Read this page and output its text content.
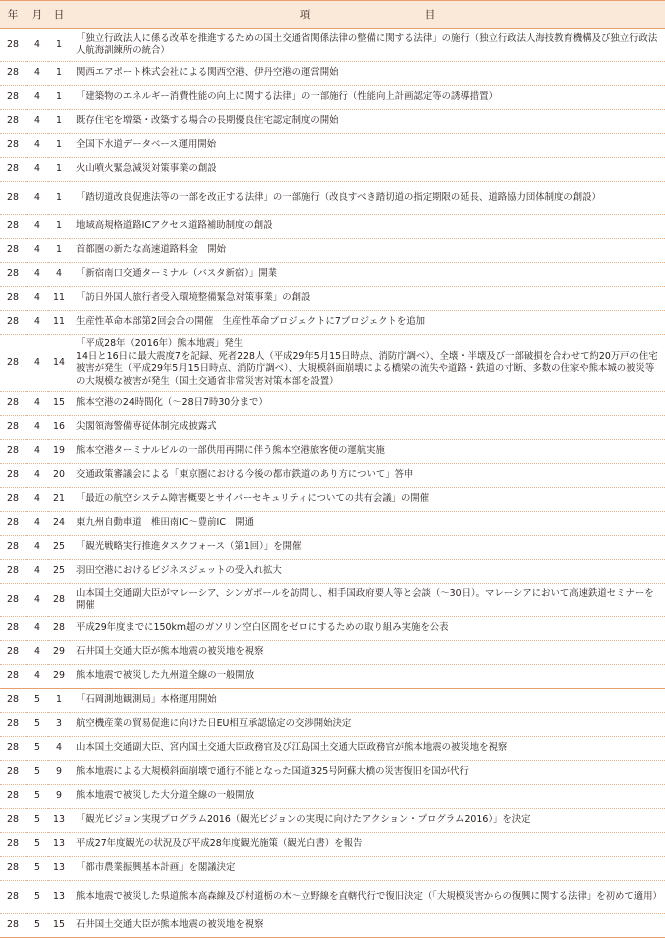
年	月	日	項　目
28	4	1	「独立行政法人に係る改革を推進するための国土交通省関係法律の整備に関する法律」の施行（独立行政法人海技教育機構及び独立行政法人航海訓練所の統合）
28	4	1	関西エアポート株式会社による関西空港、伊丹空港の運営開始
28	4	1	「建築物のエネルギー消費性能の向上に関する法律」の一部施行（性能向上計画認定等の誘導措置）
28	4	1	既存住宅を増築・改築する場合の長期優良住宅認定制度の開始
28	4	1	全国下水道データベース運用開始
28	4	1	火山噴火緊急減災対策事業の創設
28	4	1	「踏切道改良促進法等の一部を改正する法律」の一部施行（改良すべき踏切道の指定期限の延長、道路協力団体制度の創設）
28	4	1	地域高規格道路ICアクセス道路補助制度の創設
28	4	1	首都圏の新たな高速道路料金　開始
28	4	4	「新宿南口交通ターミナル（バスタ新宿）」開業
28	4	11	「訪日外国人旅行者受入環境整備緊急対策事業」の創設
28	4	11	生産性革命本部第2回会合の開催　生産性革命プロジェクトに7プロジェクトを追加
28	4	14	「平成28年（2016年）熊本地震」発生
14日と16日に最大震度7を記録、死者228人（平成29年5月15日時点、消防庁調べ）、全壊・半壊及び一部破損を合わせて約20万戸の住宅被害が発生（平成29年5月15日時点、消防庁調べ）、大規模斜面崩壊による橋梁の流失や道路・鉄道の寸断、多数の住家や熊本城の被災等の大規模な被害が発生（国土交通省非常災害対策本部を設置）
28	4	15	熊本空港の24時間化（～28日7時30分まで）
28	4	16	尖閣領海警備専従体制完成披露式
28	4	19	熊本空港ターミナルビルの一部供用再開に伴う熊本空港旅客便の運航実施
28	4	20	交通政策審議会による「東京圏における今後の都市鉄道のあり方について」答申
28	4	21	「最近の航空システム障害概要とサイバーセキュリティについての共有会議」の開催
28	4	24	東九州自動車道　椎田南IC～豊前IC　開通
28	4	25	「観光戦略実行推進タスクフォース（第1回）」を開催
28	4	25	羽田空港におけるビジネスジェットの受入れ拡大
28	4	28	山本国土交通副大臣がマレーシア、シンガポールを訪問し、相手国政府要人等と会談（～30日）。マレーシアにおいて高速鉄道セミナーを開催
28	4	28	平成29年度までに150km超のガソリン空白区間をゼロにするための取り組み実施を公表
28	4	29	石井国土交通大臣が熊本地震の被災地を視察
28	4	29	熊本地震で被災した九州道全線の一般開放
28	5	1	「石岡測地観測局」本格運用開始
28	5	3	航空機産業の貿易促進に向けた日EU相互承認協定の交渉開始決定
28	5	4	山本国土交通副大臣、宮内国土交通大臣政務官及び江島国土交通大臣政務官が熊本地震の被災地を視察
28	5	9	熊本地震による大規模斜面崩壊で通行不能となった国道325号阿蘇大橋の災害復旧を国が代行
28	5	9	熊本地震で被災した大分道全線の一般開放
28	5	13	「観光ビジョン実現プログラム2016（観光ビジョンの実現に向けたアクション・プログラム2016）」を決定
28	5	13	平成27年度観光の状況及び平成28年度観光施策（観光白書）を報告
28	5	13	「都市農業振興基本計画」を閣議決定
28	5	13	熊本地震で被災した県道熊本高森線及び村道栃の木～立野線を直轄代行で復旧決定（「大規模災害からの復興に関する法律」を初めて適用）
28	5	15	石井国土交通大臣が熊本地震の被災地を視察
